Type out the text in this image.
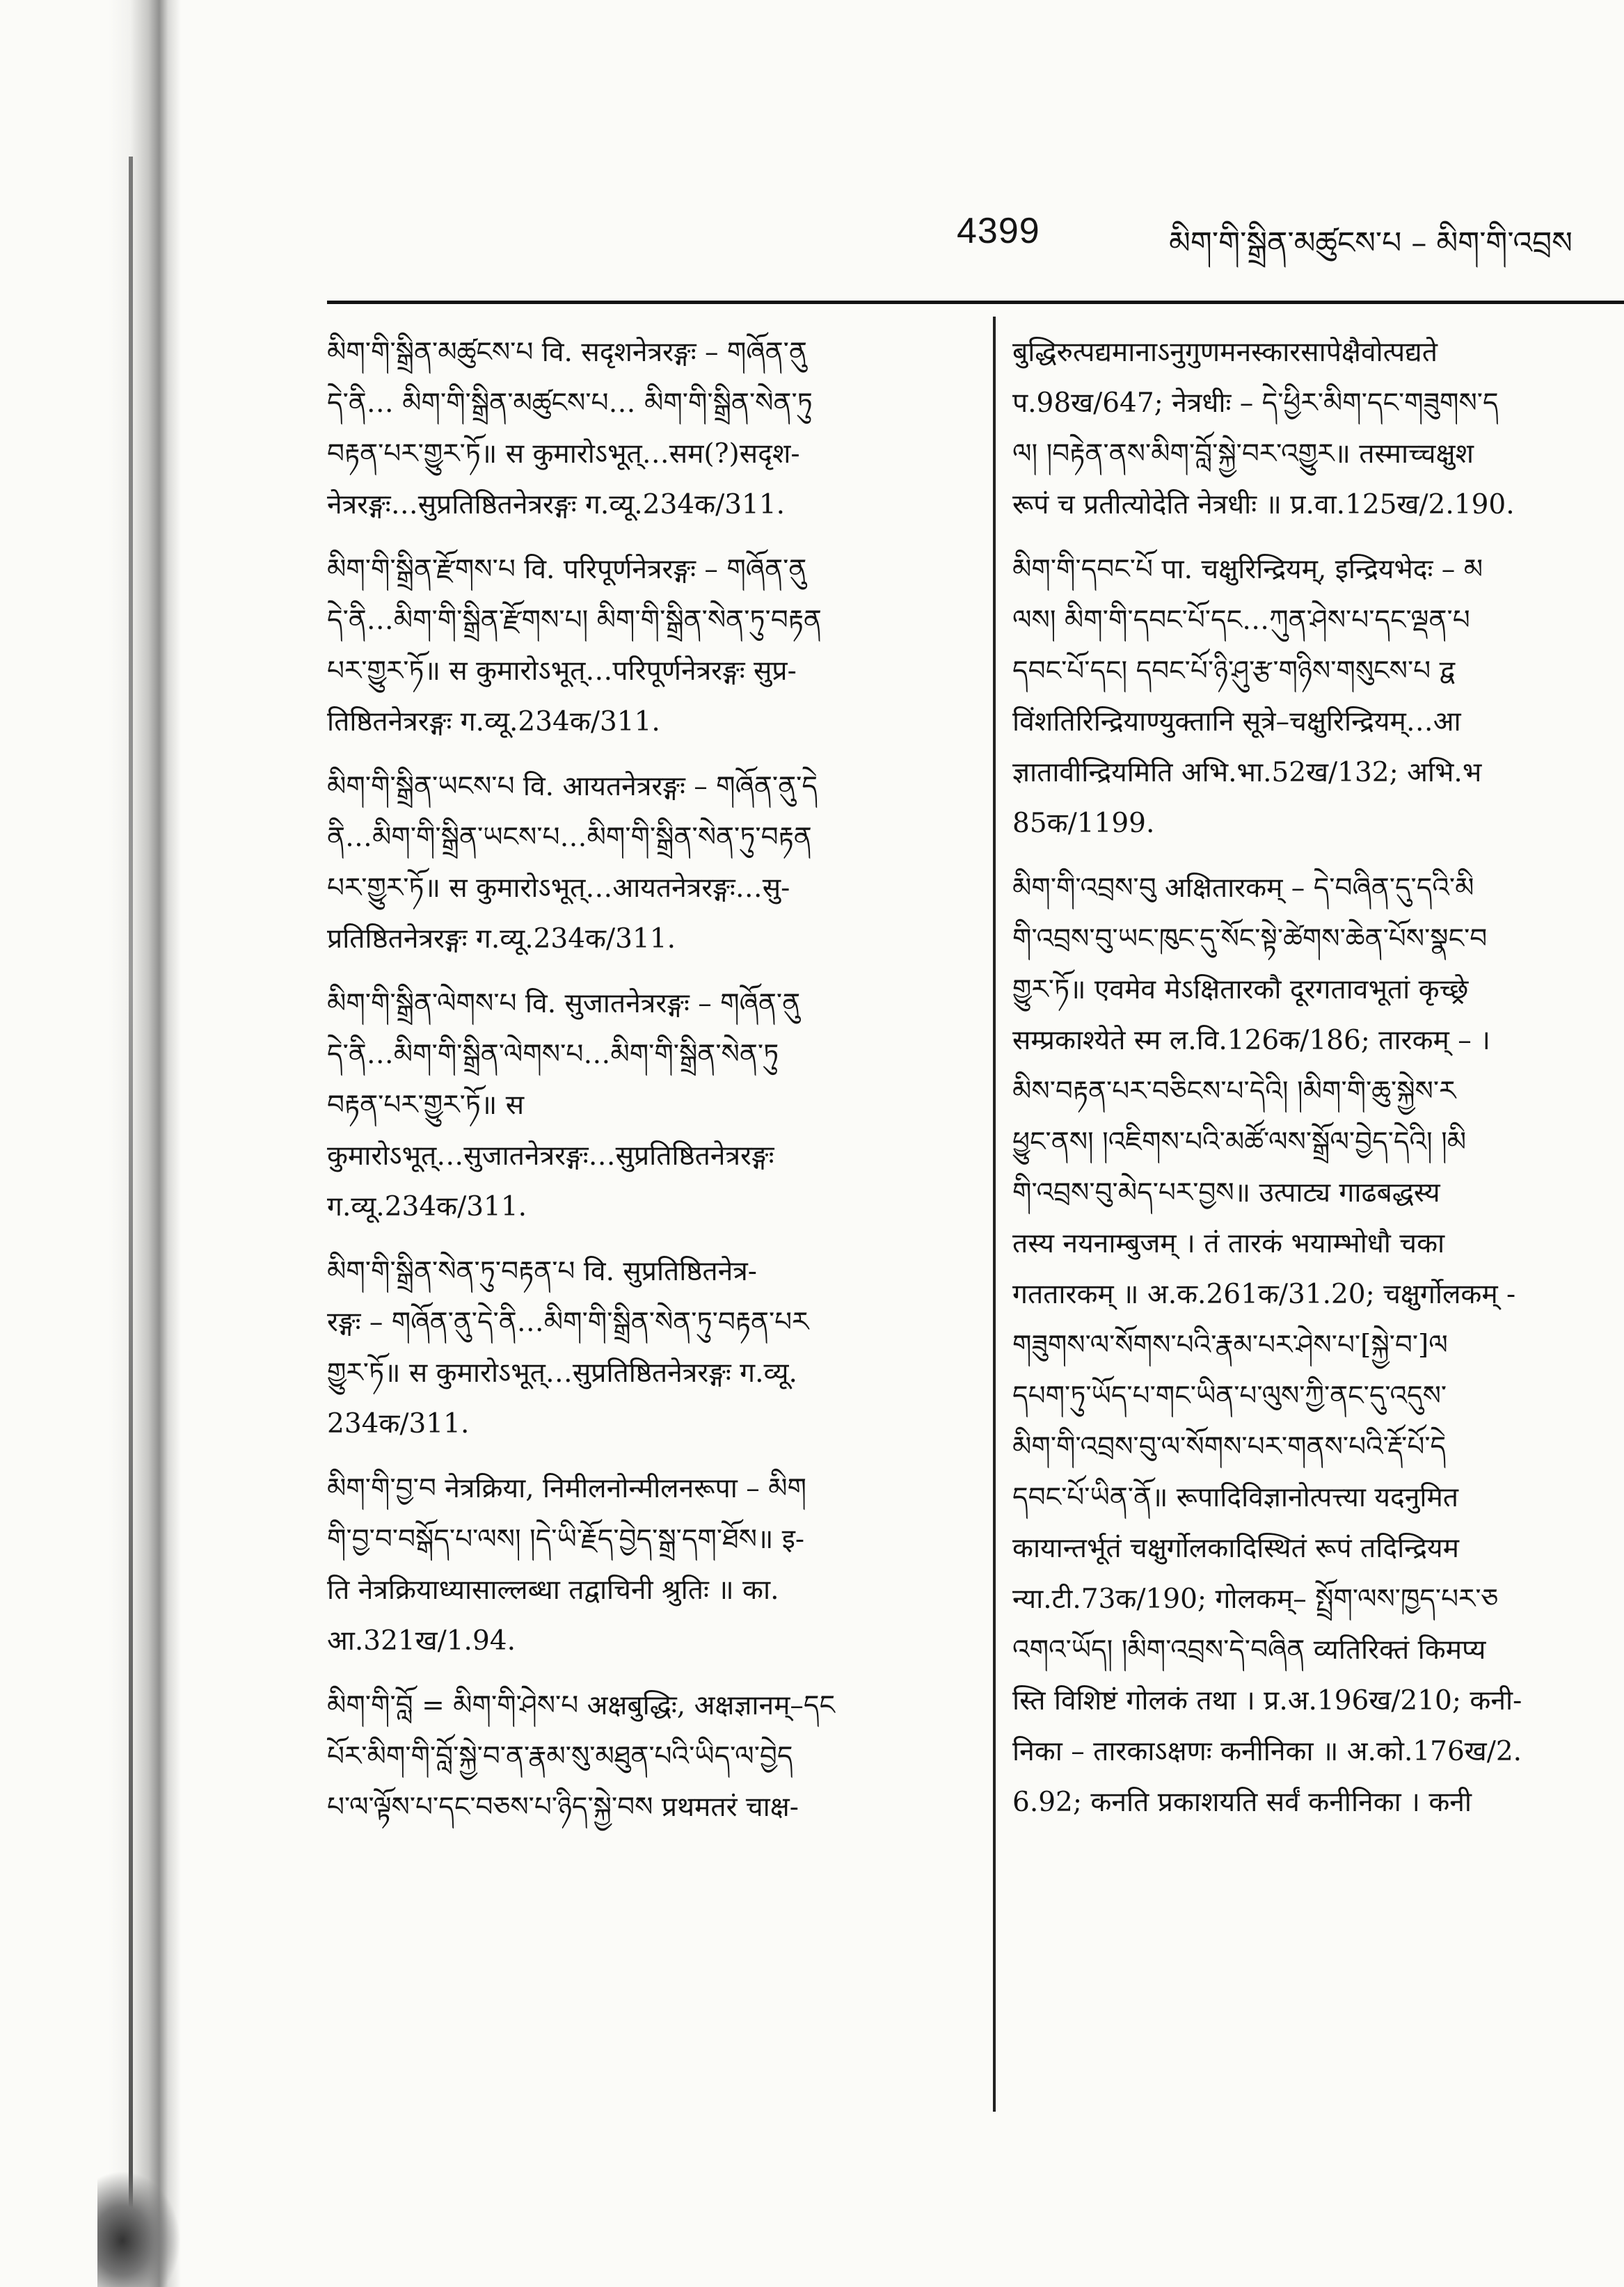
4399	མིག་གི་སྒྲིན་མཚུངས་པ – མིག་གི་འབྲས
མིག་གི་སྒྲིན་མཚུངས་པ वि. सदृशनेत्ररङ्गः – གཞོན་ནུ
དེ་ནི… མིག་གི་སྒྲིན་མཚུངས་པ… མིག་གི་སྒྲིན་སེན་ཏུ
བརྟན་པར་གྱུར་ཏོ॥ स कुमारोऽभूत्…सम(?)सदृश-
नेत्ररङ्गः…सुप्रतिष्ठितनेत्ररङ्गः ग.व्यू.234क/311.
མིག་གི་སྒྲིན་རྫོགས་པ वि. परिपूर्णनेत्ररङ्गः – གཞོན་ནུ
དེ་ནི…མིག་གི་སྒྲིན་རྫོགས་པ། མིག་གི་སྒྲིན་སེན་ཏུ་བརྟན
པར་གྱུར་ཏོ॥ स कुमारोऽभूत्…परिपूर्णनेत्ररङ्गः सुप्र-
तिष्ठितनेत्ररङ्गः ग.व्यू.234क/311.
མིག་གི་སྒྲིན་ཡངས་པ वि. आयतनेत्ररङ्गः – གཞོན་ནུ་དེ
ནི…མིག་གི་སྒྲིན་ཡངས་པ…མིག་གི་སྒྲིན་སེན་ཏུ་བརྟན
པར་གྱུར་ཏོ॥ स कुमारोऽभूत्…आयतनेत्ररङ्गः…सु-
प्रतिष्ठितनेत्ररङ्गः ग.व्यू.234क/311.
མིག་གི་སྒྲིན་ལེགས་པ वि. सुजातनेत्ररङ्गः – གཞོན་ནུ
དེ་ནི…མིག་གི་སྒྲིན་ལེགས་པ…མིག་གི་སྒྲིན་སེན་ཏུ
བརྟན་པར་གྱུར་ཏོ॥ स
कुमारोऽभूत्…सुजातनेत्ररङ्गः…सुप्रतिष्ठितनेत्ररङ्गः
ग.व्यू.234क/311.
མིག་གི་སྒྲིན་སེན་ཏུ་བརྟན་པ वि. सुप्रतिष्ठितनेत्र-
रङ्गः – གཞོན་ནུ་དེ་ནི…མིག་གི་སྒྲིན་སེན་ཏུ་བརྟན་པར
གྱུར་ཏོ॥ स कुमारोऽभूत्…सुप्रतिष्ठितनेत्ररङ्गः ग.व्यू.
234क/311.
མིག་གི་བྱ་བ नेत्रक्रिया, निमीलनोन्मीलनरूपा – མིག
གི་བྱ་བ་བསྒོད་པ་ལས། །དེ་ཡི་རྗོད་བྱེད་སྒྲ་དག་ཐོས॥ इ-
ति नेत्रक्रियाध्यासाल्लब्धा तद्वाचिनी श्रुतिः ॥ का.
आ.321ख/1.94.
མིག་གི་བློ = མིག་གི་ཤེས་པ अक्षबुद्धिः, अक्षज्ञानम्–དང
པོར་མིག་གི་བློ་སྐྱེ་བ་ན་རྣམ་སུ་མཐུན་པའི་ཡིད་ལ་བྱེད
པ་ལ་ལྟོས་པ་དང་བཅས་པ་ཉིད་སྐྱེ་བས प्रथमतरं चाक्ष-
बुद्धिरुत्पद्यमानाऽनुगुणमनस्कारसापेक्षैवोत्पद्यते
प.98ख/647; नेत्रधीः – དེ་ཕྱིར་མིག་དང་གཟུགས་ད
ལ། །བརྟེན་ནས་མིག་བློ་སྐྱེ་བར་འགྱུར॥ तस्माच्चक्षुश
रूपं च प्रतीत्योदेति नेत्रधीः ॥ प्र.वा.125ख/2.190.
མིག་གི་དབང་པོ पा. चक्षुरिन्द्रियम्, इन्द्रियभेदः – མ
ལས། མིག་གི་དབང་པོ་དང…ཀུན་ཤེས་པ་དང་ལྡན་པ
དབང་པོ་དང། དབང་པོ་ཉི་ཤུ་རྩ་གཉིས་གསུངས་པ द्व
विंशतिरिन्द्रियाण्युक्तानि सूत्रे–चक्षुरिन्द्रियम्…आ
ज्ञातावीन्द्रियमिति अभि.भा.52ख/132; अभि.भ
85क/1199.
མིག་གི་འབྲས་བུ अक्षितारकम् – དེ་བཞིན་དུ་དའི་མི
གི་འབྲས་བུ་ཡང་ཁུང་དུ་སོང་སྟེ་ཚེགས་ཆེན་པོས་སྣང་བ
གྱུར་ཏོ॥ एवमेव मेऽक्षितारकौ दूरगतावभूतां कृच्छ्रे
सम्प्रकाश्येते स्म ल.वि.126क/186; तारकम् – ।
མིས་བརྟན་པར་བཅིངས་པ་དེའི། །མིག་གི་ཆུ་སྐྱེས་ར
ཕྱུང་ནས། །འཇིགས་པའི་མཚོ་ལས་སྒྲོལ་བྱེད་དེའི། །མི
གི་འབྲས་བུ་མེད་པར་བྱས॥ उत्पाट्य गाढबद्धस्य
तस्य नयनाम्बुजम् । तं तारकं भयाम्भोधौ चका
गततारकम् ॥ अ.क.261क/31.20; चक्षुर्गोलकम् -
གཟུགས་ལ་སོགས་པའི་རྣམ་པར་ཤེས་པ་[སྐྱེ་བ་]ལ
དཔག་ཏུ་ཡོད་པ་གང་ཡིན་པ་ལུས་ཀྱི་ནང་དུ་འདུས་
མིག་གི་འབྲས་བུ་ལ་སོགས་པར་གནས་པའི་རྡོ་པོ་དེ
དབང་པོ་ཡིན་ནོ॥ रूपादिविज्ञानोत्पत्त्या यदनुमित
कायान्तर्भूतं चक्षुर्गोलकादिस्थितं रूपं तदिन्द्रियम
न्या.टी.73क/190; गोलकम्– སྤྲོག་ལས་ཁྱད་པར་ཅ
འགའ་ཡོད། །མིག་འབྲས་དེ་བཞིན व्यतिरिक्तं किमप्य
स्ति विशिष्टं गोलकं तथा । प्र.अ.196ख/210; कनी-
निका – तारकाऽक्षणः कनीनिका ॥ अ.को.176ख/2.
6.92; कनति प्रकाशयति सर्वं कनीनिका । कनी
